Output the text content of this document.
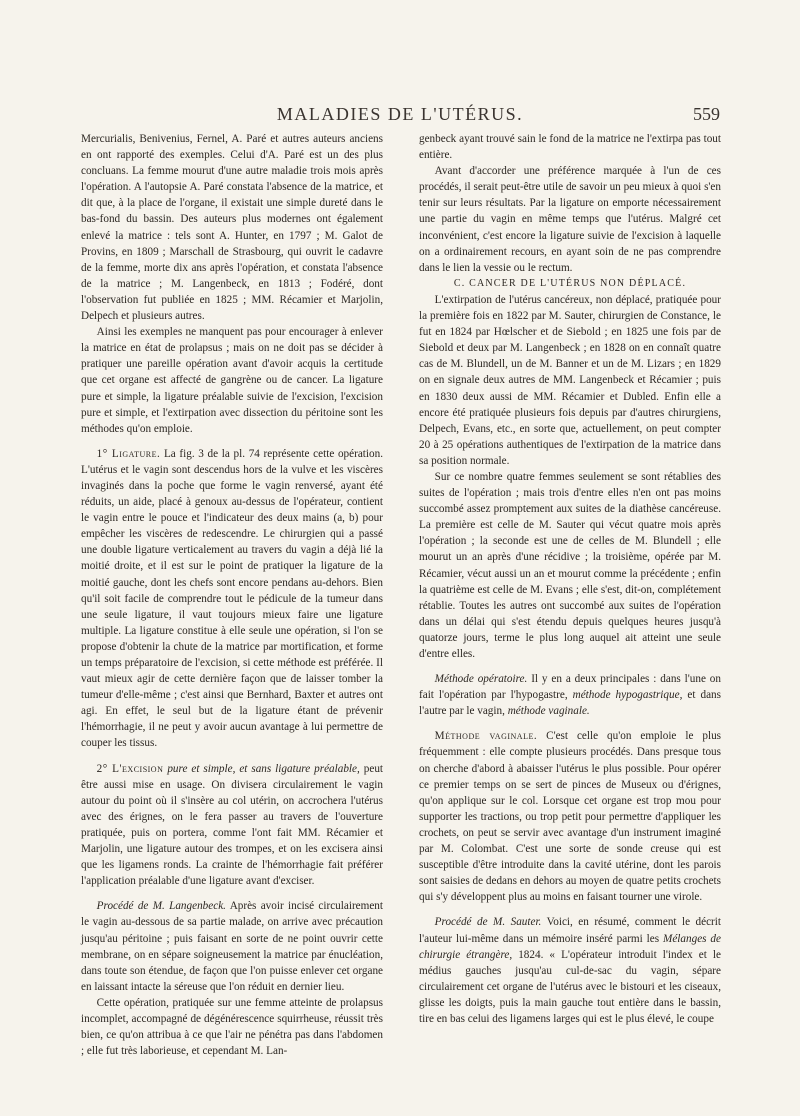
MALADIES DE L'UTÉRUS.	559

Mercurialis, Benivenius, Fernel, A. Paré et autres auteurs anciens en ont rapporté des exemples. Celui d'A. Paré est un des plus concluans. La femme mourut d'une autre maladie trois mois après l'opération. A l'autopsie A. Paré constata l'absence de la matrice, et dit que, à la place de l'organe, il existait une simple dureté dans le bas-fond du bassin. Des auteurs plus modernes ont également enlevé la matrice : tels sont A. Hunter, en 1797 ; M. Galot de Provins, en 1809 ; Marschall de Strasbourg, qui ouvrit le cadavre de la femme, morte dix ans après l'opération, et constata l'absence de la matrice ; M. Langenbeck, en 1813 ; Fodéré, dont l'observation fut publiée en 1825 ; MM. Récamier et Marjolin, Delpech et plusieurs autres.

Ainsi les exemples ne manquent pas pour encourager à enlever la matrice en état de prolapsus ; mais on ne doit pas se décider à pratiquer une pareille opération avant d'avoir acquis la certitude que cet organe est affecté de gangrène ou de cancer. La ligature pure et simple, la ligature préalable suivie de l'excision, l'excision pure et simple, et l'extirpation avec dissection du péritoine sont les méthodes qu'on emploie.

1° Ligature. La fig. 3 de la pl. 74 représente cette opération. L'utérus et le vagin sont descendus hors de la vulve et les viscères invaginés dans la poche que forme le vagin renversé, ayant été réduits, un aide, placé à genoux au-dessus de l'opérateur, contient le vagin entre le pouce et l'indicateur des deux mains (a, b) pour empêcher les viscères de redescendre. Le chirurgien qui a passé une double ligature verticalement au travers du vagin a déjà lié la moitié droite, et il est sur le point de pratiquer la ligature de la moitié gauche, dont les chefs sont encore pendans au-dehors. Bien qu'il soit facile de comprendre tout le pédicule de la tumeur dans une seule ligature, il vaut toujours mieux faire une ligature multiple. La ligature constitue à elle seule une opération, si l'on se propose d'obtenir la chute de la matrice par mortification, et forme un temps préparatoire de l'excision, si cette méthode est préférée. Il vaut mieux agir de cette dernière façon que de laisser tomber la tumeur d'elle-même ; c'est ainsi que Bernhard, Baxter et autres ont agi. En effet, le seul but de la ligature étant de prévenir l'hémorrhagie, il ne peut y avoir aucun avantage à lui permettre de couper les tissus.

2° L'excision pure et simple, et sans ligature préalable, peut être aussi mise en usage. On divisera circulairement le vagin autour du point où il s'insère au col utérin, on accrochera l'utérus avec des érignes, on le fera passer au travers de l'ouverture pratiquée, puis on portera, comme l'ont fait MM. Récamier et Marjolin, une ligature autour des trompes, et on les excisera ainsi que les ligamens ronds. La crainte de l'hémorrhagie fait préférer l'application préalable d'une ligature avant d'exciser.

Procédé de M. Langenbeck. Après avoir incisé circulairement le vagin au-dessous de sa partie malade, on arrive avec précaution jusqu'au péritoine ; puis faisant en sorte de ne point ouvrir cette membrane, on en sépare soigneusement la matrice par énucléation, dans toute son étendue, de façon que l'on puisse enlever cet organe en laissant intacte la séreuse que l'on réduit en dernier lieu.

Cette opération, pratiquée sur une femme atteinte de prolapsus incomplet, accompagné de dégénérescence squirrheuse, réussit très bien, ce qu'on attribua à ce que l'air ne pénétra pas dans l'abdomen ; elle fut très laborieuse, et cependant M. Lan-

genbeck ayant trouvé sain le fond de la matrice ne l'extirpa pas tout entière.

Avant d'accorder une préférence marquée à l'un de ces procédés, il serait peut-être utile de savoir un peu mieux à quoi s'en tenir sur leurs résultats. Par la ligature on emporte nécessairement une partie du vagin en même temps que l'utérus. Malgré cet inconvénient, c'est encore la ligature suivie de l'excision à laquelle on a ordinairement recours, en ayant soin de ne pas comprendre dans le lien la vessie ou le rectum.

C. CANCER DE L'UTÉRUS NON DÉPLACÉ.

L'extirpation de l'utérus cancéreux, non déplacé, pratiquée pour la première fois en 1822 par M. Sauter, chirurgien de Constance, le fut en 1824 par Hœlscher et de Siebold ; en 1825 une fois par de Siebold et deux par M. Langenbeck ; en 1828 on en connaît quatre cas de M. Blundell, un de M. Banner et un de M. Lizars ; en 1829 on en signale deux autres de MM. Langenbeck et Récamier ; puis en 1830 deux aussi de MM. Récamier et Dubled. Enfin elle a encore été pratiquée plusieurs fois depuis par d'autres chirurgiens, Delpech, Evans, etc., en sorte que, actuellement, on peut compter 20 à 25 opérations authentiques de l'extirpation de la matrice dans sa position normale.

Sur ce nombre quatre femmes seulement se sont rétablies des suites de l'opération ; mais trois d'entre elles n'en ont pas moins succombé assez promptement aux suites de la diathèse cancéreuse. La première est celle de M. Sauter qui vécut quatre mois après l'opération ; la seconde est une de celles de M. Blundell ; elle mourut un an après d'une récidive ; la troisième, opérée par M. Récamier, vécut aussi un an et mourut comme la précédente ; enfin la quatrième est celle de M. Evans ; elle s'est, dit-on, complétement rétablie. Toutes les autres ont succombé aux suites de l'opération dans un délai qui s'est étendu depuis quelques heures jusqu'à quatorze jours, terme le plus long auquel ait atteint une seule d'entre elles.

Méthode opératoire. Il y en a deux principales : dans l'une on fait l'opération par l'hypogastre, méthode hypogastrique, et dans l'autre par le vagin, méthode vaginale.

Méthode vaginale. C'est celle qu'on emploie le plus fréquemment : elle compte plusieurs procédés. Dans presque tous on cherche d'abord à abaisser l'utérus le plus possible. Pour opérer ce premier temps on se sert de pinces de Museux ou d'érignes, qu'on applique sur le col. Lorsque cet organe est trop mou pour supporter les tractions, ou trop petit pour permettre d'appliquer les crochets, on peut se servir avec avantage d'un instrument imaginé par M. Colombat. C'est une sorte de sonde creuse qui est susceptible d'être introduite dans la cavité utérine, dont les parois sont saisies de dedans en dehors au moyen de quatre petits crochets qui s'y développent plus au moins en faisant tourner une virole.

Procédé de M. Sauter. Voici, en résumé, comment le décrit l'auteur lui-même dans un mémoire inséré parmi les Mélanges de chirurgie étrangère, 1824. « L'opérateur introduit l'index et le médius gauches jusqu'au cul-de-sac du vagin, sépare circulairement cet organe de l'utérus avec le bistouri et les ciseaux, glisse les doigts, puis la main gauche tout entière dans le bassin, tire en bas celui des ligamens larges qui est le plus élevé, le coupe
